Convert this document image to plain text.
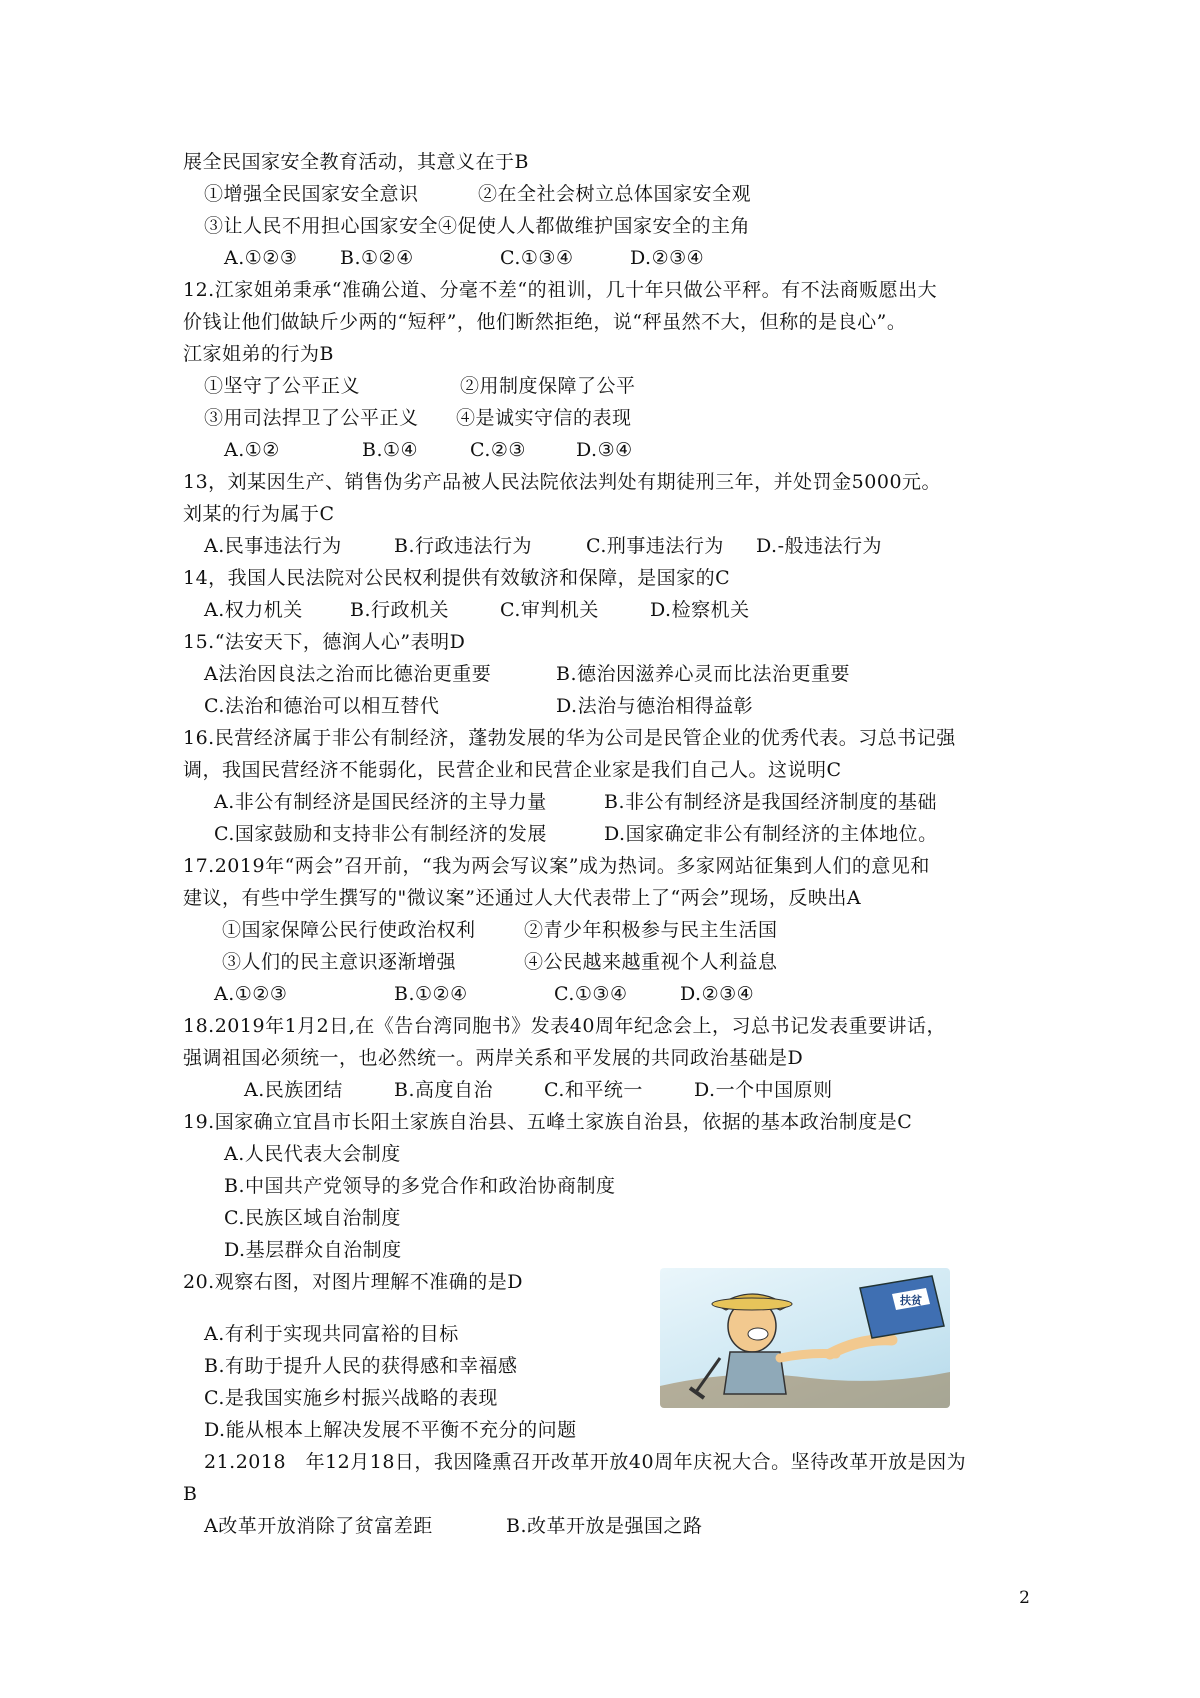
展全民国家安全教育活动，其意义在于B
①增强全民国家安全意识	②在全社会树立总体国家安全观
③让人民不用担心国家安全④促使人人都做维护国家安全的主角
A.①②③ B.①②④	C.①③④	D.②③④
12.江家姐弟秉承“准确公道、分毫不差“的祖训，几十年只做公平秤。有不法商贩愿出大
价钱让他们做缺斤少两的“短秤”，他们断然拒绝，说“秤虽然不大，但称的是良心”。
江家姐弟的行为B
①坚守了公平正义	②用制度保障了公平
③用司法捍卫了公平正义 ④是诚实守信的表现
A.①②	B.①④	C.②③	D.③④
13，刘某因生产、销售伪劣产品被人民法院依法判处有期徒刑三年，并处罚金5000元。
刘某的行为属于C
A.民事违法行为	B.行政违法行为	C.刑事违法行为 D.-般违法行为
14，我国人民法院对公民权利提供有效敏济和保障，是国家的C
A.权力机关 B.行政机关	C.审判机关	D.检察机关
15.“法安天下，德润人心”表明D
A法治因良法之治而比德治更重要	B.德治因滋养心灵而比法治更重要
C.法治和德治可以相互替代	D.法治与德治相得益彰
16.民营经济属于非公有制经济，蓬勃发展的华为公司是民管企业的优秀代表。习总书记强
调，我国民营经济不能弱化，民营企业和民营企业家是我们自己人。这说明C
A.非公有制经济是国民经济的主导力量	B.非公有制经济是我国经济制度的基础
C.国家鼓励和支持非公有制经济的发展	D.国家确定非公有制经济的主体地位。
17.2019年“两会”召开前，“我为两会写议案”成为热词。多家网站征集到人们的意见和
建议，有些中学生撰写的"微议案”还通过人大代表带上了“两会”现场，反映出A
①国家保障公民行使政治权利	②青少年积极参与民主生活国
③人们的民主意识逐渐增强	④公民越来越重视个人利益息
A.①②③	B.①②④	C.①③④	D.②③④
18.2019年1月2日,在《告台湾同胞书》发表40周年纪念会上，习总书记发表重要讲话，
强调祖国必须统一，也必然统一。两岸关系和平发展的共同政治基础是D
A.民族团结	B.高度自治	C.和平统一	D.一个中国原则
19.国家确立宜昌市长阳土家族自治县、五峰土家族自治县，依据的基本政治制度是C
A.人民代表大会制度
B.中国共产党领导的多党合作和政治协商制度
C.民族区域自治制度
D.基层群众自治制度
20.观察右图，对图片理解不准确的是D
A.有利于实现共同富裕的目标
B.有助于提升人民的获得感和幸福感
C.是我国实施乡村振兴战略的表现
D.能从根本上解决发展不平衡不充分的问题
扶贫
21.2018　年12月18日，我因隆熏召开改革开放40周年庆祝大合。坚待改革开放是因为
B
A改革开放消除了贫富差距	B.改革开放是强国之路
2
